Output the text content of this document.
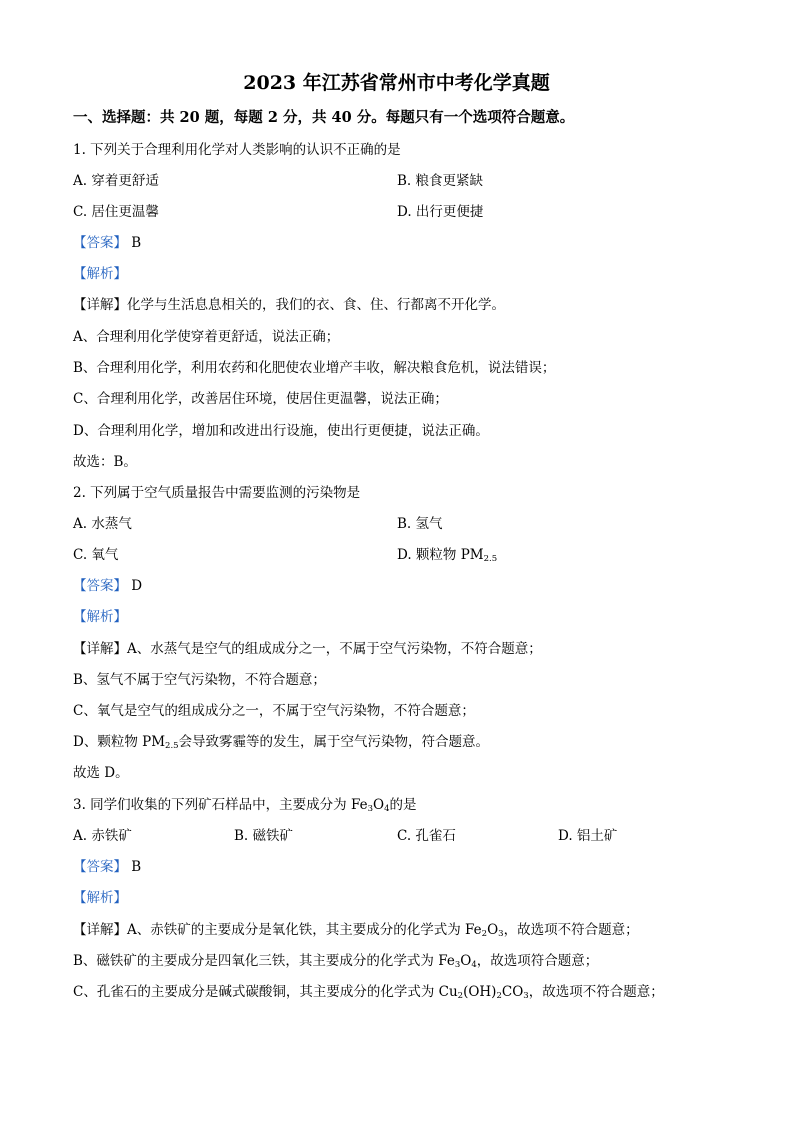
2023 年江苏省常州市中考化学真题
一、选择题：共 20 题，每题 2 分，共 40 分。每题只有一个选项符合题意。
1. 下列关于合理利用化学对人类影响的认识不正确的是
A. 穿着更舒适	B. 粮食更紧缺
C. 居住更温馨	D. 出行更便捷
【答案】 B
【解析】
【详解】化学与生活息息相关的，我们的衣、食、住、行都离不开化学。
A、合理利用化学使穿着更舒适，说法正确；
B、合理利用化学，利用农药和化肥使农业增产丰收，解决粮食危机，说法错误；
C、合理利用化学，改善居住环境，使居住更温馨，说法正确；
D、合理利用化学，增加和改进出行设施，使出行更便捷，说法正确。
故选：B。
2. 下列属于空气质量报告中需要监测的污染物是
A. 水蒸气	B. 氢气
C. 氧气	D. 颗粒物 $PM_{2.5}$
【答案】 D
【解析】
【详解】A、水蒸气是空气的组成成分之一，不属于空气污染物，不符合题意；
B、氢气不属于空气污染物，不符合题意；
C、氧气是空气的组成成分之一，不属于空气污染物，不符合题意；
D、颗粒物 $PM_{2.5}$会导致雾霾等的发生，属于空气污染物，符合题意。
故选 D。
3. 同学们收集的下列矿石样品中，主要成分为 $Fe_3O_4$的是
A. 赤铁矿	B. 磁铁矿	C. 孔雀石	D. 铝土矿
【答案】 B
【解析】
【详解】A、赤铁矿的主要成分是氧化铁，其主要成分的化学式为 $Fe_2O_3$，故选项不符合题意；
B、磁铁矿的主要成分是四氧化三铁，其主要成分的化学式为 $Fe_3O_4$，故选项符合题意；
C、孔雀石的主要成分是碱式碳酸铜，其主要成分的化学式为 $Cu_2(OH)_2CO_3$，故选项不符合题意；
